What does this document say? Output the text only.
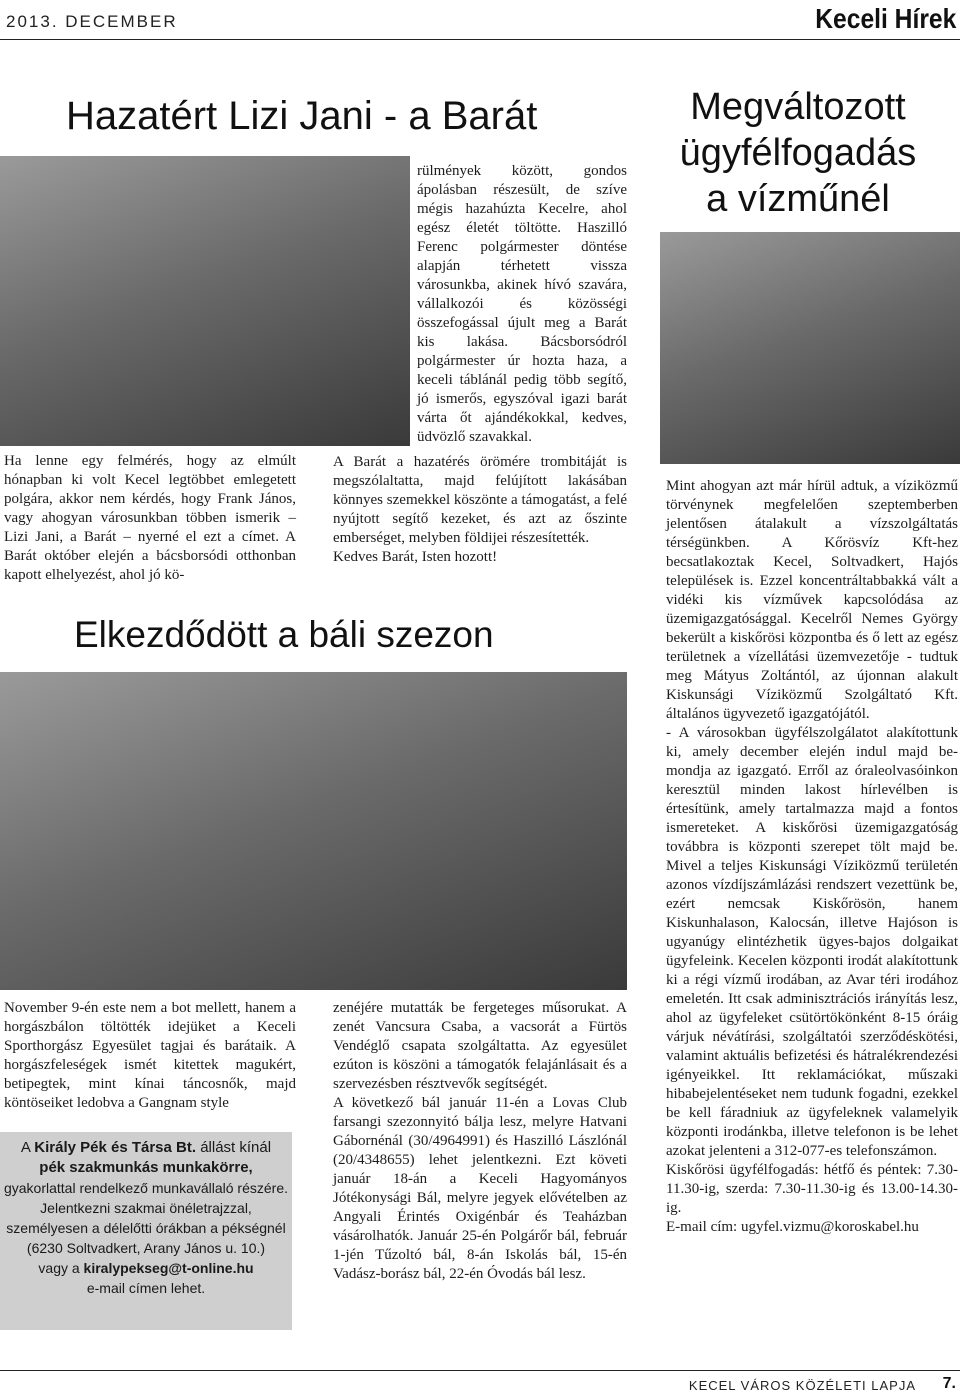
2013. DECEMBER	Keceli Hírek
Hazatért Lizi Jani - a Barát
Ha lenne egy felmérés, hogy az elmúlt hónapban ki volt Kecel legtöbbet emlegetett polgára, akkor nem kérdés, hogy Frank János, vagy ahogyan városunkban többen ismerik – Lizi Jani, a Barát – nyerné el ezt a címet. A Barát október elején a bácsborsódi otthonban kapott elhelyezést, ahol jó kö-

rülmények között, gondos ápolásban részesült, de szíve mégis hazahúzta Kecelre, ahol egész életét töltötte. Haszilló Ferenc polgármester döntése alapján térhetett vissza városunkba, akinek hívó szavára, vállalkozói és közösségi összefogással újult meg a Barát kis lakása. Bácsborsódról polgármester úr hozta haza, a keceli táblánál pedig több segítő, jó ismerős, egyszóval igazi barát várta őt ajándékokkal, kedves, üdvözlő szavakkal.

A Barát a hazatérés örömére trombitáját is megszólaltatta, majd felújított lakásában könnyes szemekkel köszönte a támogatást, a felé nyújtott segítő kezeket, és azt az őszinte emberséget, melyben földijei részesítették.

Kedves Barát, Isten hozott!

Elkezdődött a báli szezon
November 9-én este nem a bot mellett, hanem a horgászbálon töltötték idejüket a Keceli Sporthorgász Egyesület tagjai és barátaik. A horgászfeleségek ismét kitettek magukért, betipegtek, mint kínai táncosnők, majd köntöseiket ledobva a Gangnam style

zenéjére mutatták be fergeteges műsorukat. A zenét Vancsura Csaba, a vacsorát a Fürtös Vendéglő csapata szolgáltatta. Az egyesület ezúton is köszöni a támogatók felajánlásait és a szervezésben résztvevők segítségét.

A következő bál január 11-én a Lovas Club farsangi szezonnyitó bálja lesz, melyre Hatvani Gábornénál (30/4964991) és Haszilló Lászlónál (20/4348655) lehet jelentkezni. Ezt követi január 18-án a Keceli Hagyományos Jótékonysági Bál, melyre jegyek elővételben az Angyali Érintés Oxigénbár és Teaházban vásárolhatók. Január 25-én Polgárőr bál, február 1-jén Tűzoltó bál, 8-án Iskolás bál, 15-én Vadász-borász bál, 22-én Óvodás bál lesz.

A Király Pék és Társa Bt. állást kínál
pék szakmunkás munkakörre,
gyakorlattal rendelkező munkavállaló részére.
Jelentkezni szakmai önéletrajzzal,
személyesen a délelőtti órákban a pékségnél
(6230 Soltvadkert, Arany János u. 10.)
vagy a kiralypekseg@t-online.hu
e-mail címen lehet.
Megváltozott
ügyfélfogadás
a vízműnél

Mint ahogyan azt már hírül adtuk, a víziközmű törvénynek megfelelően szeptemberben jelentősen átalakult a vízszolgáltatás térségünkben. A Kőrösvíz Kft-hez becsatlakoztak Kecel, Soltvadkert, Hajós települések is. Ezzel koncentráltabbakká vált a vidéki kis vízművek kapcsolódása az üzemigazgatósággal. Kecelről Nemes György bekerült a kiskőrösi központba és ő lett az egész területnek a vízellátási üzemvezetője - tudtuk meg Mátyus Zoltántól, az újonnan alakult Kiskunsági Víziközmű Szolgáltató Kft. általános ügyvezető igazgatójától.

- A városokban ügyfélszolgálatot alakítottunk ki, amely december elején indul majd be- mondja az igazgató. Erről az óraleolvasóinkon keresztül minden lakost hírlevélben is értesítünk, amely tartalmazza majd a fontos ismereteket. A kiskőrösi üzemigazgatóság továbbra is központi szerepet tölt majd be. Mivel a teljes Kiskunsági Víziközmű területén azonos vízdíjszámlázási rendszert vezettünk be, ezért nemcsak Kiskőrösön, hanem Kiskunhalason, Kalocsán, illetve Hajóson is ugyanúgy elintézhetik ügyes-bajos dolgaikat ügyfeleink. Kecelen központi irodát alakítottunk ki a régi vízmű irodában, az Avar téri irodához emeletén. Itt csak adminisztrációs irányítás lesz, ahol az ügyfeleket csütörtökönként 8-15 óráig várjuk névátírási, szolgáltatói szerződéskötési, valamint aktuális befizetési és hátralékrendezési igényeikkel. Itt reklamációkat, műszaki hibabejelentéseket nem tudunk fogadni, ezekkel be kell fáradniuk az ügyfeleknek valamelyik központi irodánkba, illetve telefonon is be lehet azokat jelenteni a 312-077-es telefonszámon.

Kiskőrösi ügyfélfogadás: hétfő és péntek: 7.30-11.30-ig, szerda: 7.30-11.30-ig és 13.00-14.30-ig.

E-mail cím: ugyfel.vizmu@koroskabel.hu

KECEL VÁROS KÖZÉLETI LAPJA 7.
